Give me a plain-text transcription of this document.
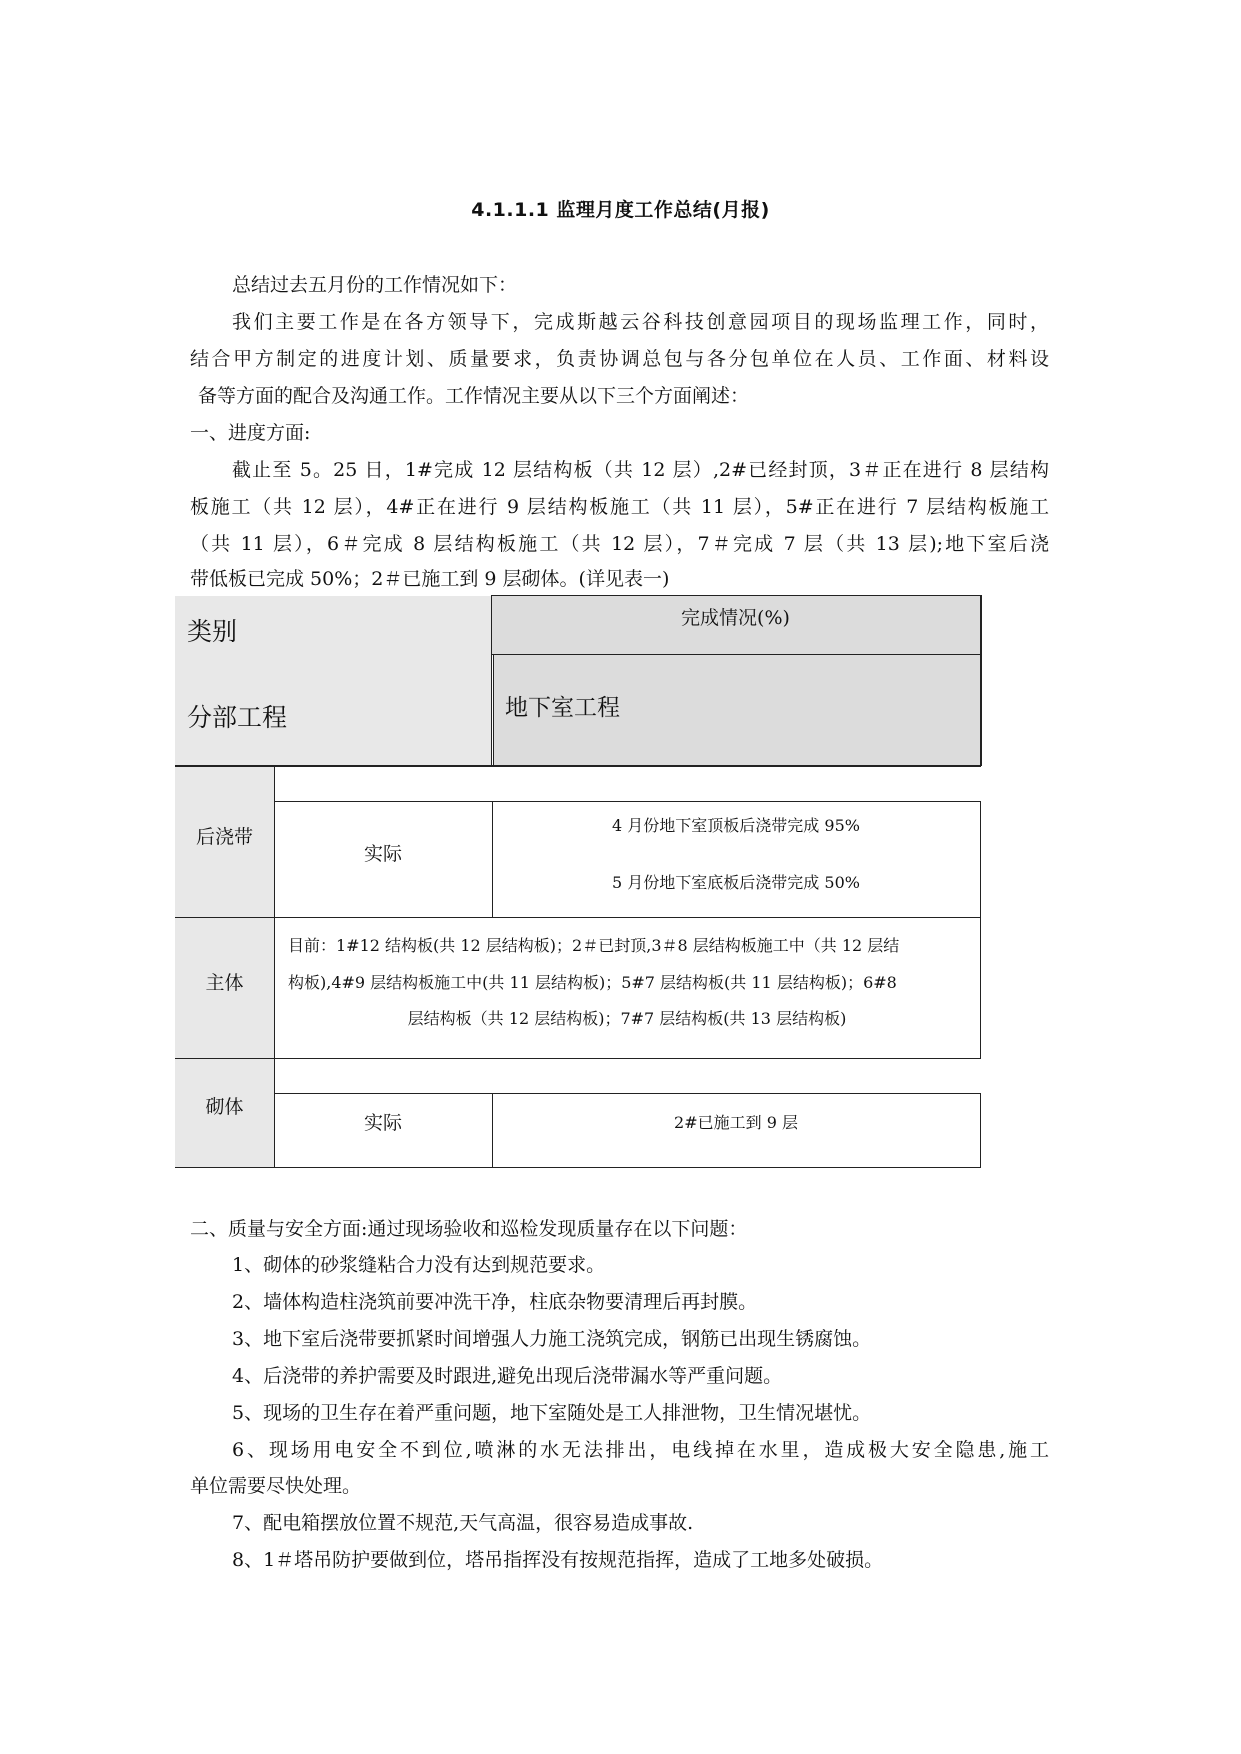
4.1.1.1 监理月度工作总结(月报)
总结过去五月份的工作情况如下：
我们主要工作是在各方领导下，完成斯越云谷科技创意园项目的现场监理工作，同时，
结合甲方制定的进度计划、质量要求，负责协调总包与各分包单位在人员、工作面、材料设
备等方面的配合及沟通工作。工作情况主要从以下三个方面阐述：
一、进度方面:
截止至 5。25 日，1#完成 12 层结构板（共 12 层）,2#已经封顶，3＃正在进行 8 层结构
板施工（共 12 层），4#正在进行 9 层结构板施工（共 11 层），5#正在进行 7 层结构板施工
（共 11 层），6＃完成 8 层结构板施工（共 12 层），7＃完成 7 层（共 13 层);地下室后浇
带低板已完成 50%；2＃已施工到 9 层砌体。(详见表一)
类别
分部工程
完成情况(%)
地下室工程
后浇带
实际
4 月份地下室顶板后浇带完成 95%
5 月份地下室底板后浇带完成 50%
主体
目前：1#12 结构板(共 12 层结构板)；2＃已封顶,3＃8 层结构板施工中（共 12 层结
构板),4#9 层结构板施工中(共 11 层结构板)；5#7 层结构板(共 11 层结构板)；6#8
层结构板（共 12 层结构板)；7#7 层结构板(共 13 层结构板)
砌体
实际	2#已施工到 9 层
二、质量与安全方面:通过现场验收和巡检发现质量存在以下问题：
1、砌体的砂浆缝粘合力没有达到规范要求。
2、墙体构造柱浇筑前要冲洗干净，柱底杂物要清理后再封膜。
3、地下室后浇带要抓紧时间增强人力施工浇筑完成，钢筋已出现生锈腐蚀。
4、后浇带的养护需要及时跟进,避免出现后浇带漏水等严重问题。
5、现场的卫生存在着严重问题，地下室随处是工人排泄物，卫生情况堪忧。
6、现场用电安全不到位,喷淋的水无法排出，电线掉在水里，造成极大安全隐患,施工
单位需要尽快处理。
7、配电箱摆放位置不规范,天气高温，很容易造成事故.
8、1＃塔吊防护要做到位，塔吊指挥没有按规范指挥，造成了工地多处破损。
